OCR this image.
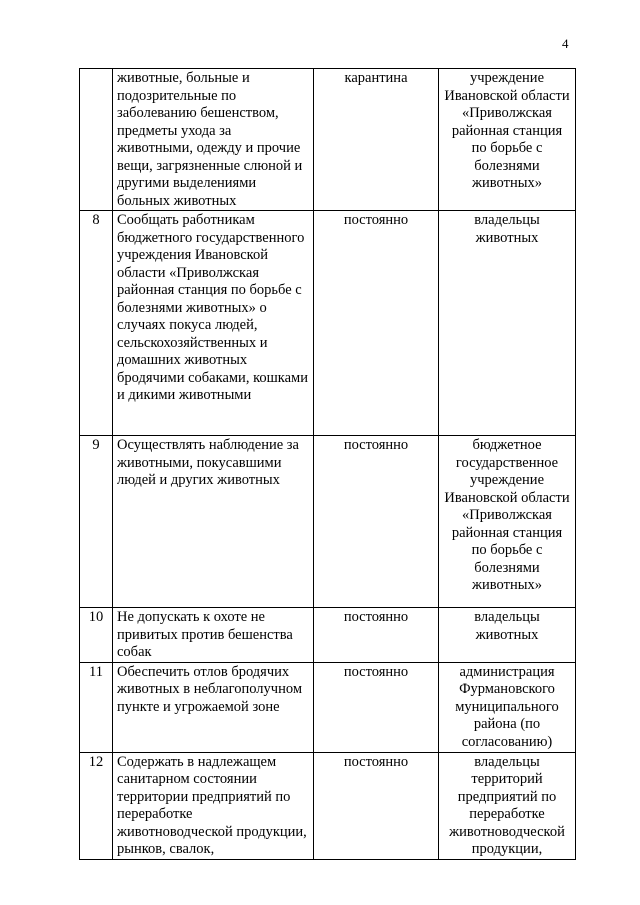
4
	животные, больные и подозрительные по заболеванию бешенством, предметы ухода за животными, одежду и прочие вещи, загрязненные слюной и другими выделениями больных животных	карантина	учреждение Ивановской области «Приволжская районная станция по борьбе с болезнями животных»
8	Сообщать работникам бюджетного государственного учреждения Ивановской области «Приволжская районная станция по борьбе с болезнями животных» о случаях покуса людей, сельскохозяйственных и домашних животных бродячими собаками, кошками и дикими животными	постоянно	владельцы животных
9	Осуществлять наблюдение за животными, покусавшими людей и других животных	постоянно	бюджетное государственное учреждение Ивановской области «Приволжская районная станция по борьбе с болезнями животных»
10	Не допускать к охоте не привитых против бешенства собак	постоянно	владельцы животных
11	Обеспечить отлов бродячих животных в неблагополучном пункте и угрожаемой зоне	постоянно	администрация Фурмановского муниципального района (по согласованию)
12	Содержать в надлежащем санитарном состоянии территории предприятий по переработке животноводческой продукции, рынков, свалок,	постоянно	владельцы территорий предприятий по переработке животноводческой продукции,
